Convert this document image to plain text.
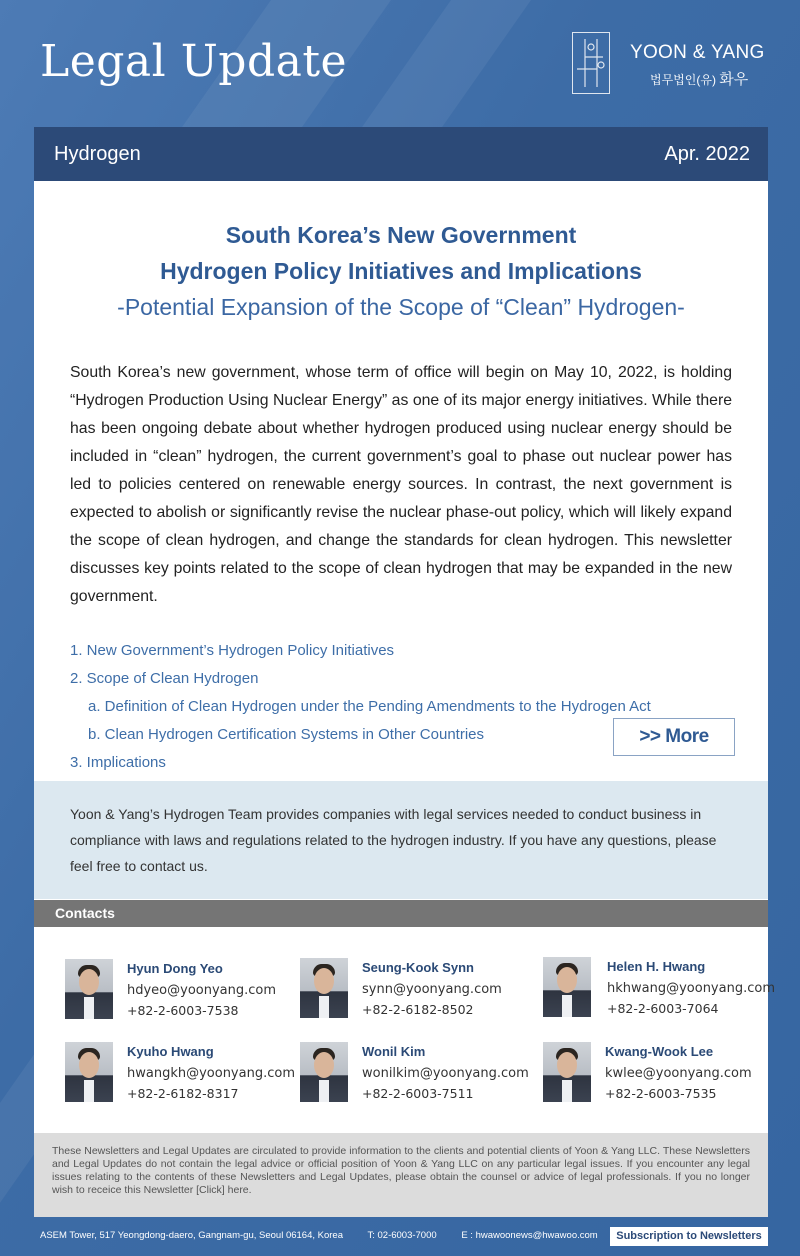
Legal Update	YOON & YANG
법무법인(유) 화우
Hydrogen	Apr. 2022
South Korea’s New Government
Hydrogen Policy Initiatives and Implications
-Potential Expansion of the Scope of “Clean” Hydrogen-

South Korea’s new government, whose term of office will begin on May 10, 2022, is holding “Hydrogen Production Using Nuclear Energy” as one of its major energy initiatives. While there has been ongoing debate about whether hydrogen produced using nuclear energy should be included in “clean” hydrogen, the current government’s goal to phase out nuclear power has led to policies centered on renewable energy sources. In contrast, the next government is expected to abolish or significantly revise the nuclear phase-out policy, which will likely expand the scope of clean hydrogen, and change the standards for clean hydrogen. This newsletter discusses key points related to the scope of clean hydrogen that may be expanded in the new government.

1. New Government’s Hydrogen Policy Initiatives
2. Scope of Clean Hydrogen
a. Definition of Clean Hydrogen under the Pending Amendments to the Hydrogen Act
b. Clean Hydrogen Certification Systems in Other Countries
3. Implications
>> More
Yoon & Yang’s Hydrogen Team provides companies with legal services needed to conduct business in compliance with laws and regulations related to the hydrogen industry. If you have any questions, please feel free to contact us.
Contacts
Hyun Dong Yeo
hdyeo@yoonyang.com
+82-2-6003-7538
Seung-Kook Synn
synn@yoonyang.com
+82-2-6182-8502
Helen H. Hwang
hkhwang@yoonyang.com
+82-2-6003-7064
Kyuho Hwang
hwangkh@yoonyang.com
+82-2-6182-8317
Wonil Kim
wonilkim@yoonyang.com
+82-2-6003-7511
Kwang-Wook Lee
kwlee@yoonyang.com
+82-2-6003-7535
These Newsletters and Legal Updates are circulated to provide information to the clients and potential clients of Yoon & Yang LLC. These Newsletters and Legal Updates do not contain the legal advice or official position of Yoon & Yang LLC on any particular legal issues. If you encounter any legal issues relating to the contents of these Newsletters and Legal Updates, please obtain the counsel or advice of legal professionals. If you no longer wish to receice this Newsletter [Click] here.
ASEM Tower, 517 Yeongdong-daero, Gangnam-gu, Seoul 06164, Korea	T: 02-6003-7000	E : hwawoonews@hwawoo.com	Subscription to Newsletters
